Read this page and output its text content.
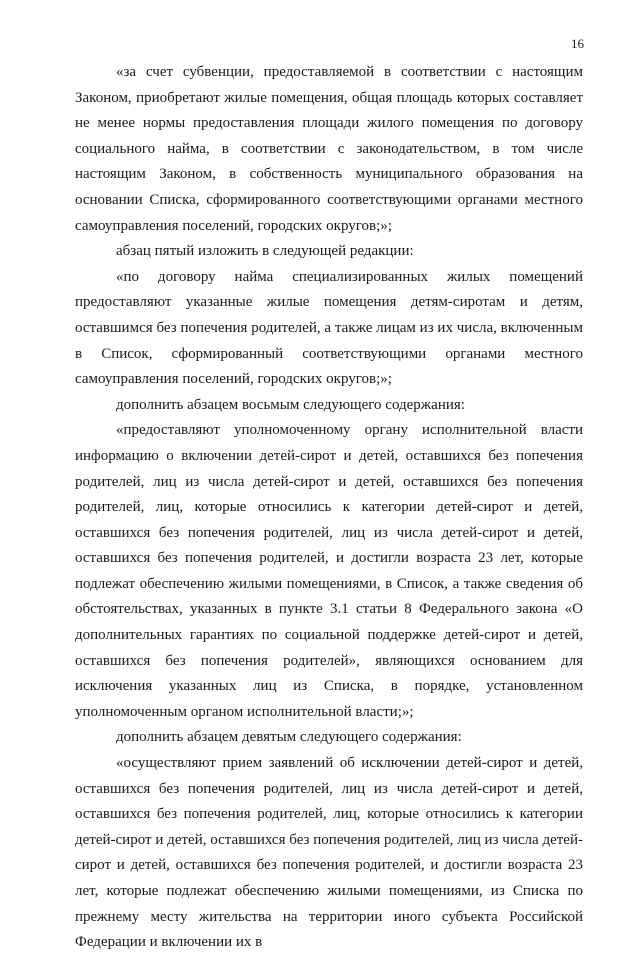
16

«за счет субвенции, предоставляемой в соответствии с настоящим Законом, приобретают жилые помещения, общая площадь которых составляет не менее нормы предоставления площади жилого помещения по договору социального найма, в соответствии с законодательством, в том числе настоящим Законом, в собственность муниципального образования на основании Списка, сформированного соответствующими органами местного самоуправления поселений, городских округов;»;

абзац пятый изложить в следующей редакции:

«по договору найма специализированных жилых помещений предоставляют указанные жилые помещения детям-сиротам и детям, оставшимся без попечения родителей, а также лицам из их числа, включенным в Список, сформированный соответствующими органами местного самоуправления поселений, городских округов;»;

дополнить абзацем восьмым следующего содержания:

«предоставляют уполномоченному органу исполнительной власти информацию о включении детей-сирот и детей, оставшихся без попечения родителей, лиц из числа детей-сирот и детей, оставшихся без попечения родителей, лиц, которые относились к категории детей-сирот и детей, оставшихся без попечения родителей, лиц из числа детей-сирот и детей, оставшихся без попечения родителей, и достигли возраста 23 лет, которые подлежат обеспечению жилыми помещениями, в Список, а также сведения об обстоятельствах, указанных в пункте 3.1 статьи 8 Федерального закона «О дополнительных гарантиях по социальной поддержке детей-сирот и детей, оставшихся без попечения родителей», являющихся основанием для исключения указанных лиц из Списка, в порядке, установленном уполномоченным органом исполнительной власти;»;

дополнить абзацем девятым следующего содержания:

«осуществляют прием заявлений об исключении детей-сирот и детей, оставшихся без попечения родителей, лиц из числа детей-сирот и детей, оставшихся без попечения родителей, лиц, которые относились к категории детей-сирот и детей, оставшихся без попечения родителей, лиц из числа детей-сирот и детей, оставшихся без попечения родителей, и достигли возраста 23 лет, которые подлежат обеспечению жилыми помещениями, из Списка по прежнему месту жительства на территории иного субъекта Российской Федерации и включении их в
